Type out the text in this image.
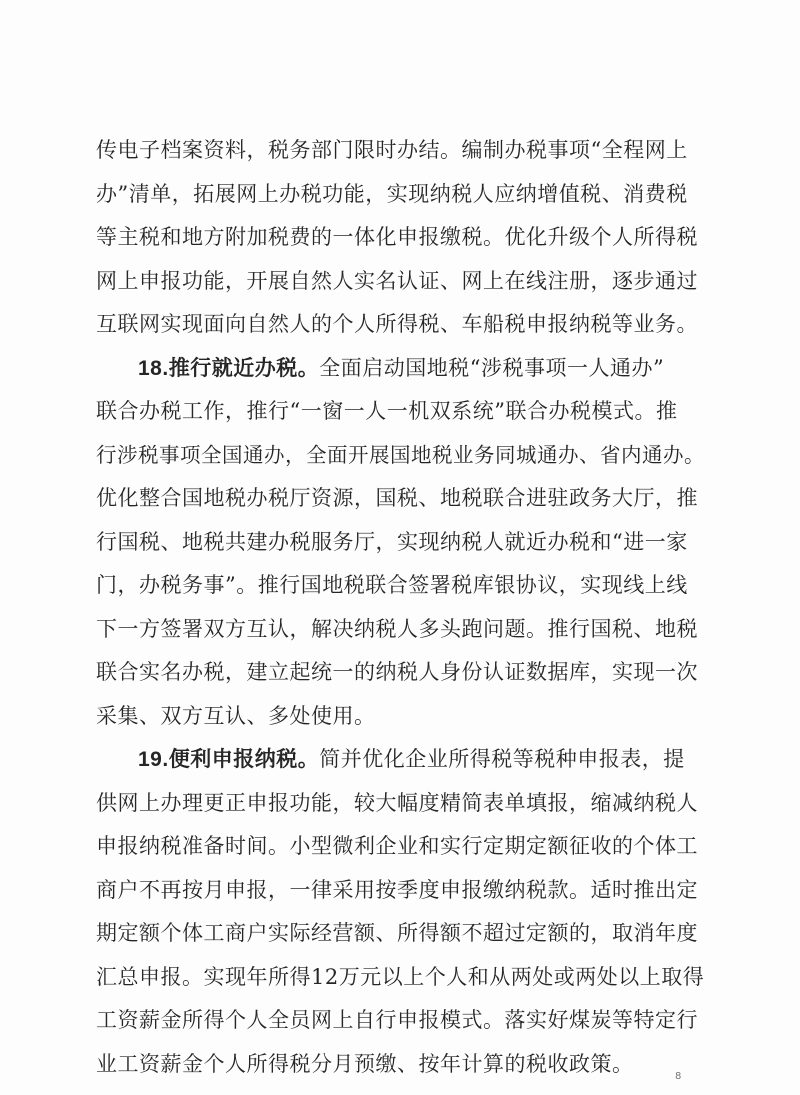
传电子档案资料，税务部门限时办结。编制办税事项“全程网上
办”清单，拓展网上办税功能，实现纳税人应纳增值税、消费税
等主税和地方附加税费的一体化申报缴税。优化升级个人所得税
网上申报功能，开展自然人实名认证、网上在线注册，逐步通过
互联网实现面向自然人的个人所得税、车船税申报纳税等业务。
18.推行就近办税。全面启动国地税“涉税事项一人通办”
联合办税工作，推行“一窗一人一机双系统”联合办税模式。推
行涉税事项全国通办，全面开展国地税业务同城通办、省内通办。
优化整合国地税办税厅资源，国税、地税联合进驻政务大厅，推
行国税、地税共建办税服务厅，实现纳税人就近办税和“进一家
门，办税务事”。推行国地税联合签署税库银协议，实现线上线
下一方签署双方互认，解决纳税人多头跑问题。推行国税、地税
联合实名办税，建立起统一的纳税人身份认证数据库，实现一次
采集、双方互认、多处使用。
19.便利申报纳税。简并优化企业所得税等税种申报表，提
供网上办理更正申报功能，较大幅度精简表单填报，缩减纳税人
申报纳税准备时间。小型微利企业和实行定期定额征收的个体工
商户不再按月申报，一律采用按季度申报缴纳税款。适时推出定
期定额个体工商户实际经营额、所得额不超过定额的，取消年度
汇总申报。实现年所得12万元以上个人和从两处或两处以上取得
工资薪金所得个人全员网上自行申报模式。落实好煤炭等特定行
业工资薪金个人所得税分月预缴、按年计算的税收政策。
8
